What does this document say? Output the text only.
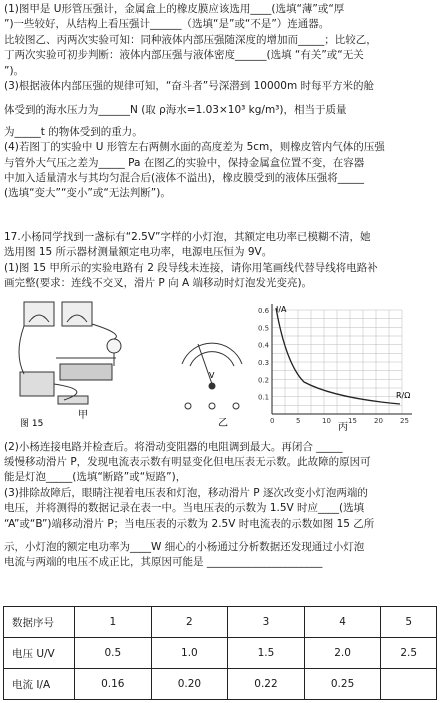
(1)图甲是 U形管压强计，金属盒上的橡皮膜应该选用____(选填“薄”或“厚

”)一些较好，从结构上看压强计______（选填“是”或“不是”）连通器。

比较图乙、丙两次实验可知：同种液体内部压强随深度的增加而_____；比较乙，

丁两次实验可初步判断：液体内部压强与液体密度______(选填 “有关”或“无关

”)。

(3)根据液体内部压强的规律可知，“奋斗者”号深潜到 10000m 时每平方米的舱

体受到的海水压力为______N (取 ρ海水=1.03×10³ kg/m³)，相当于质量

为_____t 的物体受到的重力。

(4)若图丁的实验中 U 形管左右两侧水面的高度差为 5cm，则橡皮管内气体的压强

与管外大气压之差为_____ Pa 在图乙的实验中，保持金属盒位置不变，在容器

中加入适量清水与其均匀混合后(液体不溢出)，橡皮膜受到的液体压强将_____

(选填“变大”“变小”或“无法判断”)。

17.小杨同学找到一盏标有“2.5V”字样的小灯泡，其额定电功率已模糊不清，她

选用图 15 所示器材测量额定电功率，电源电压恒为 9V。

(1)图 15 甲所示的实验电路有 2 段导线未连接，请你用笔画线代替导线将电路补

画完整(要求：连线不交叉，滑片 P 向 A 端移动时灯泡发光变亮)。

甲
图 15
V
乙	0	5	10 15 20 25
0.1
0.2
0.3
0.4
0.5
0.6 I/A
R/Ω
丙

(2)小杨连接电路并检查后。将滑动变阻器的电阻调到最大。再闭合 _____

缓慢移动滑片 P，发现电流表示数有明显变化但电压表无示数。此故障的原因可

能是灯泡_____(选填“断路”或“短路”)，

(3)排除故障后，眼睛注视着电压表和灯泡，移动滑片 P 逐次改变小灯泡两端的

电压，并将测得的数据记录在表一中。当电压表的示数为 1.5V 时应____(选填

“A”或“B”)端移动滑片 P；当电压表的示数为 2.5V 时电流表的示数如图 15 乙所

示，小灯泡的额定电功率为____W 细心的小杨通过分析数据还发现通过小灯泡

电流与两端的电压不成正比，其原因可能是 ______________________

数据序号	1	2	3	4	5
电压 U/V	0.5	1.0	1.5	2.0	2.5
电流 I/A	0.16	0.20	0.22	0.25	
